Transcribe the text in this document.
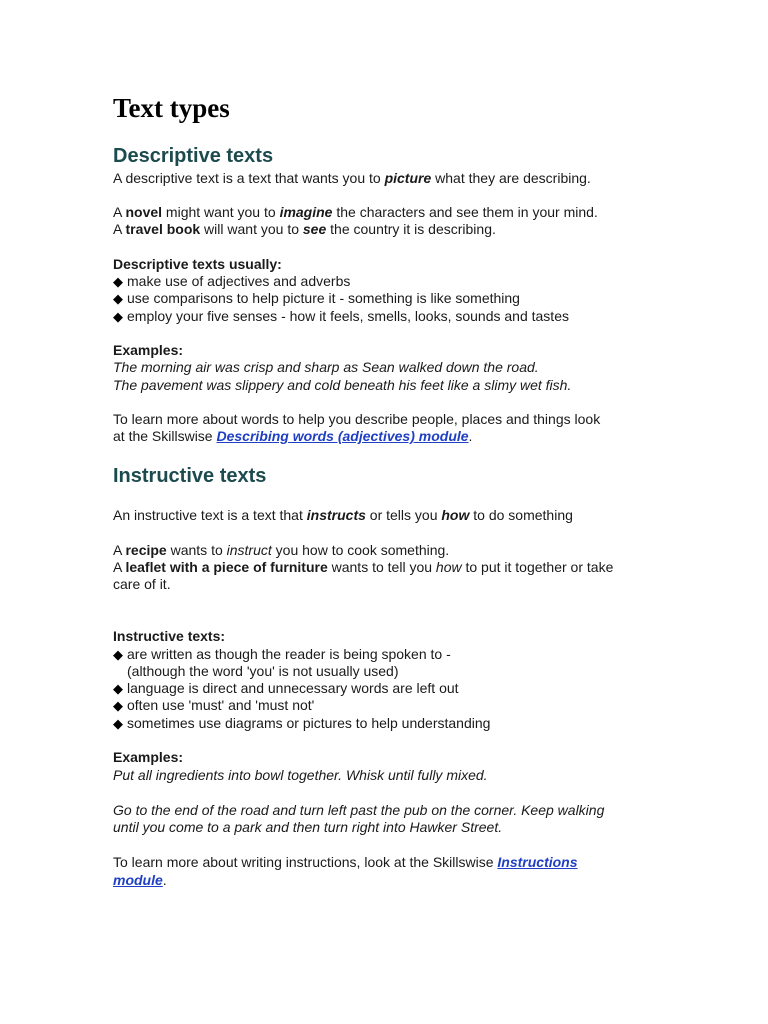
Text types
Descriptive texts
A descriptive text is a text that wants you to picture what they are describing.
A novel might want you to imagine the characters and see them in your mind.
A travel book will want you to see the country it is describing.
Descriptive texts usually:
◆ make use of adjectives and adverbs
◆ use comparisons to help picture it - something is like something
◆ employ your five senses - how it feels, smells, looks, sounds and tastes
Examples:
The morning air was crisp and sharp as Sean walked down the road.
The pavement was slippery and cold beneath his feet like a slimy wet fish.
To learn more about words to help you describe people, places and things look
at the Skillswise Describing words (adjectives) module.
Instructive texts
An instructive text is a text that instructs or tells you how to do something
A recipe wants to instruct you how to cook something.
A leaflet with a piece of furniture wants to tell you how to put it together or take
care of it.
Instructive texts:
◆ are written as though the reader is being spoken to -
(although the word 'you' is not usually used)
◆ language is direct and unnecessary words are left out
◆ often use 'must' and 'must not'
◆ sometimes use diagrams or pictures to help understanding
Examples:
Put all ingredients into bowl together. Whisk until fully mixed.
Go to the end of the road and turn left past the pub on the corner. Keep walking
until you come to a park and then turn right into Hawker Street.
To learn more about writing instructions, look at the Skillswise Instructions
module.
